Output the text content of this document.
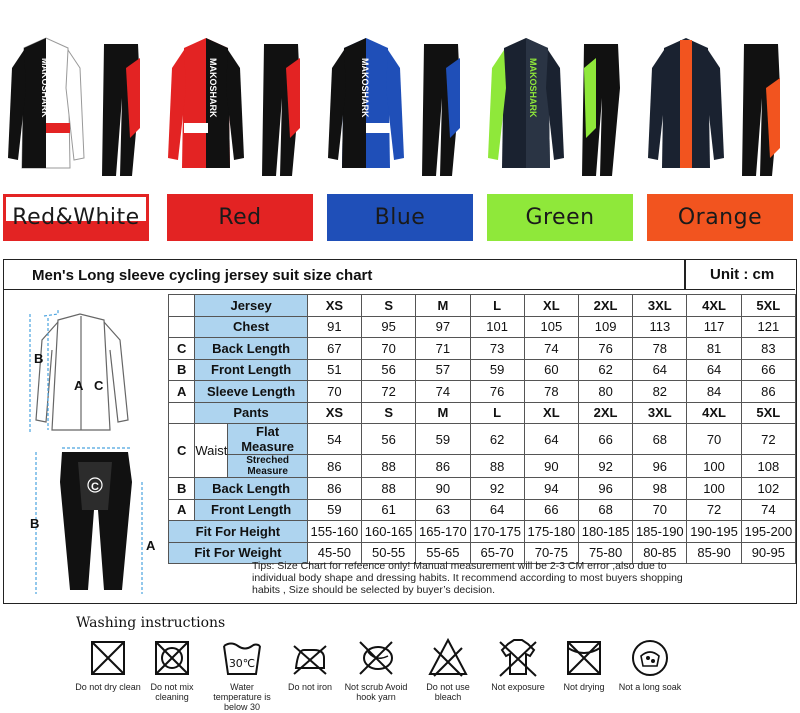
MAKOSHARK	MAKOSHARK	MAKOSHARK	MAKOSHARK
Red&White	Red	Blue	Green	Orange
Men's Long sleeve cycling jersey suit size chart	Unit : cm
B
A C
B
C
A
	Jersey		XS	S	M	L	XL	2XL	3XL	4XL	5XL
	Chest		91	95	97	101	105	109	113	117	121
C	Back Length		67	70	71	73	74	76	78	81	83
B	Front Length		51	56	57	59	60	62	64	64	66
A	Sleeve Length		70	72	74	76	78	80	82	84	86
	Pants		XS	S	M	L	XL	2XL	3XL	4XL	5XL
C	Waist	Flat Measure	54	56	59	62	64	66	68	70	72
		Streched Measure	86	88	86	88	90	92	96	100	108
B	Back Length		86	88	90	92	94	96	98	100	102
A	Front Length		59	61	63	64	66	68	70	72	74
Fit For Height			155-160	160-165	165-170	170-175	175-180	180-185	185-190	190-195	195-200
Fit For Weight			45-50	50-55	55-65	65-70	70-75	75-80	80-85	85-90	90-95
Tips: Size Chart for refeence only! Manual measurement will be 2-3 CM error ,also due to individual body shape and dressing habits. It recommend according to most buyers shopping habits , Size should be selected by buyer’s decision.
Washing instructions
Do not dry clean	Do not mix cleaning
30℃
Water temperature is below 30
Do not iron	Not scrub Avoid hook yarn
Do not use bleach
Not exposure	Not drying	Not a long soak
